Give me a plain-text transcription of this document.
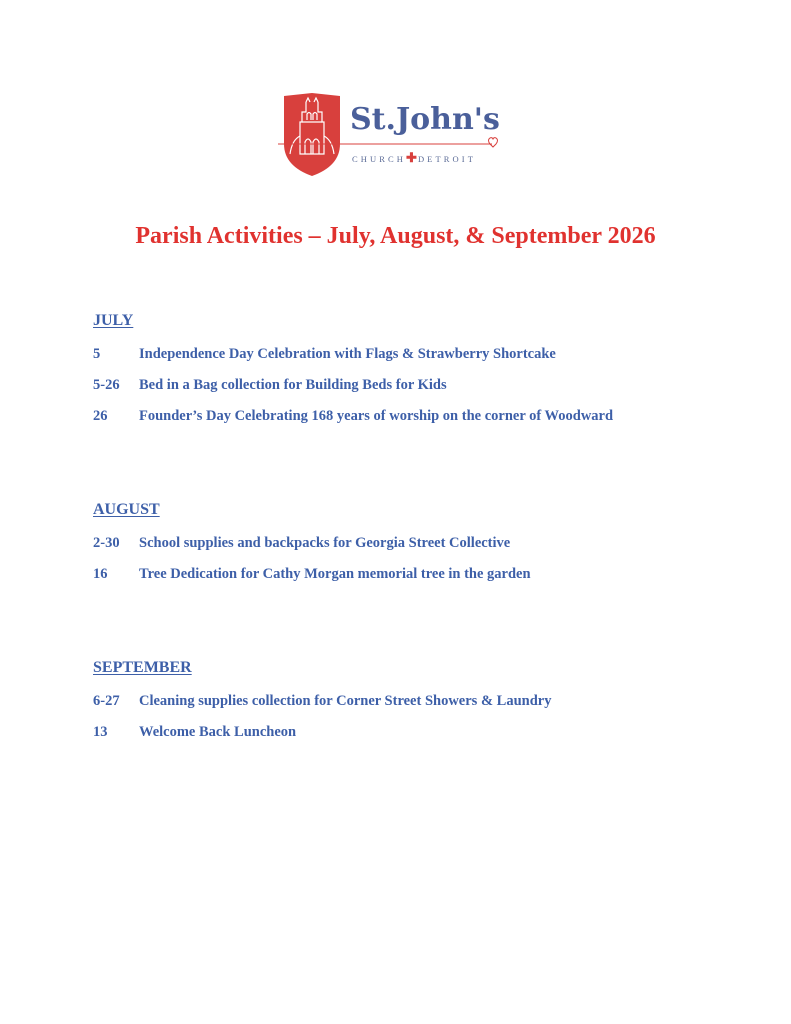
St.John's
CHURCH✚DETROIT
Parish Activities – July, August, & September 2026
JULY
5	Independence Day Celebration with Flags & Strawberry Shortcake
5-26 Bed in a Bag collection for Building Beds for Kids
26 Founder’s Day Celebrating 168 years of worship on the corner of Woodward
AUGUST
2-30 School supplies and backpacks for Georgia Street Collective
16 Tree Dedication for Cathy Morgan memorial tree in the garden
SEPTEMBER
6-27 Cleaning supplies collection for Corner Street Showers & Laundry
13 Welcome Back Luncheon
